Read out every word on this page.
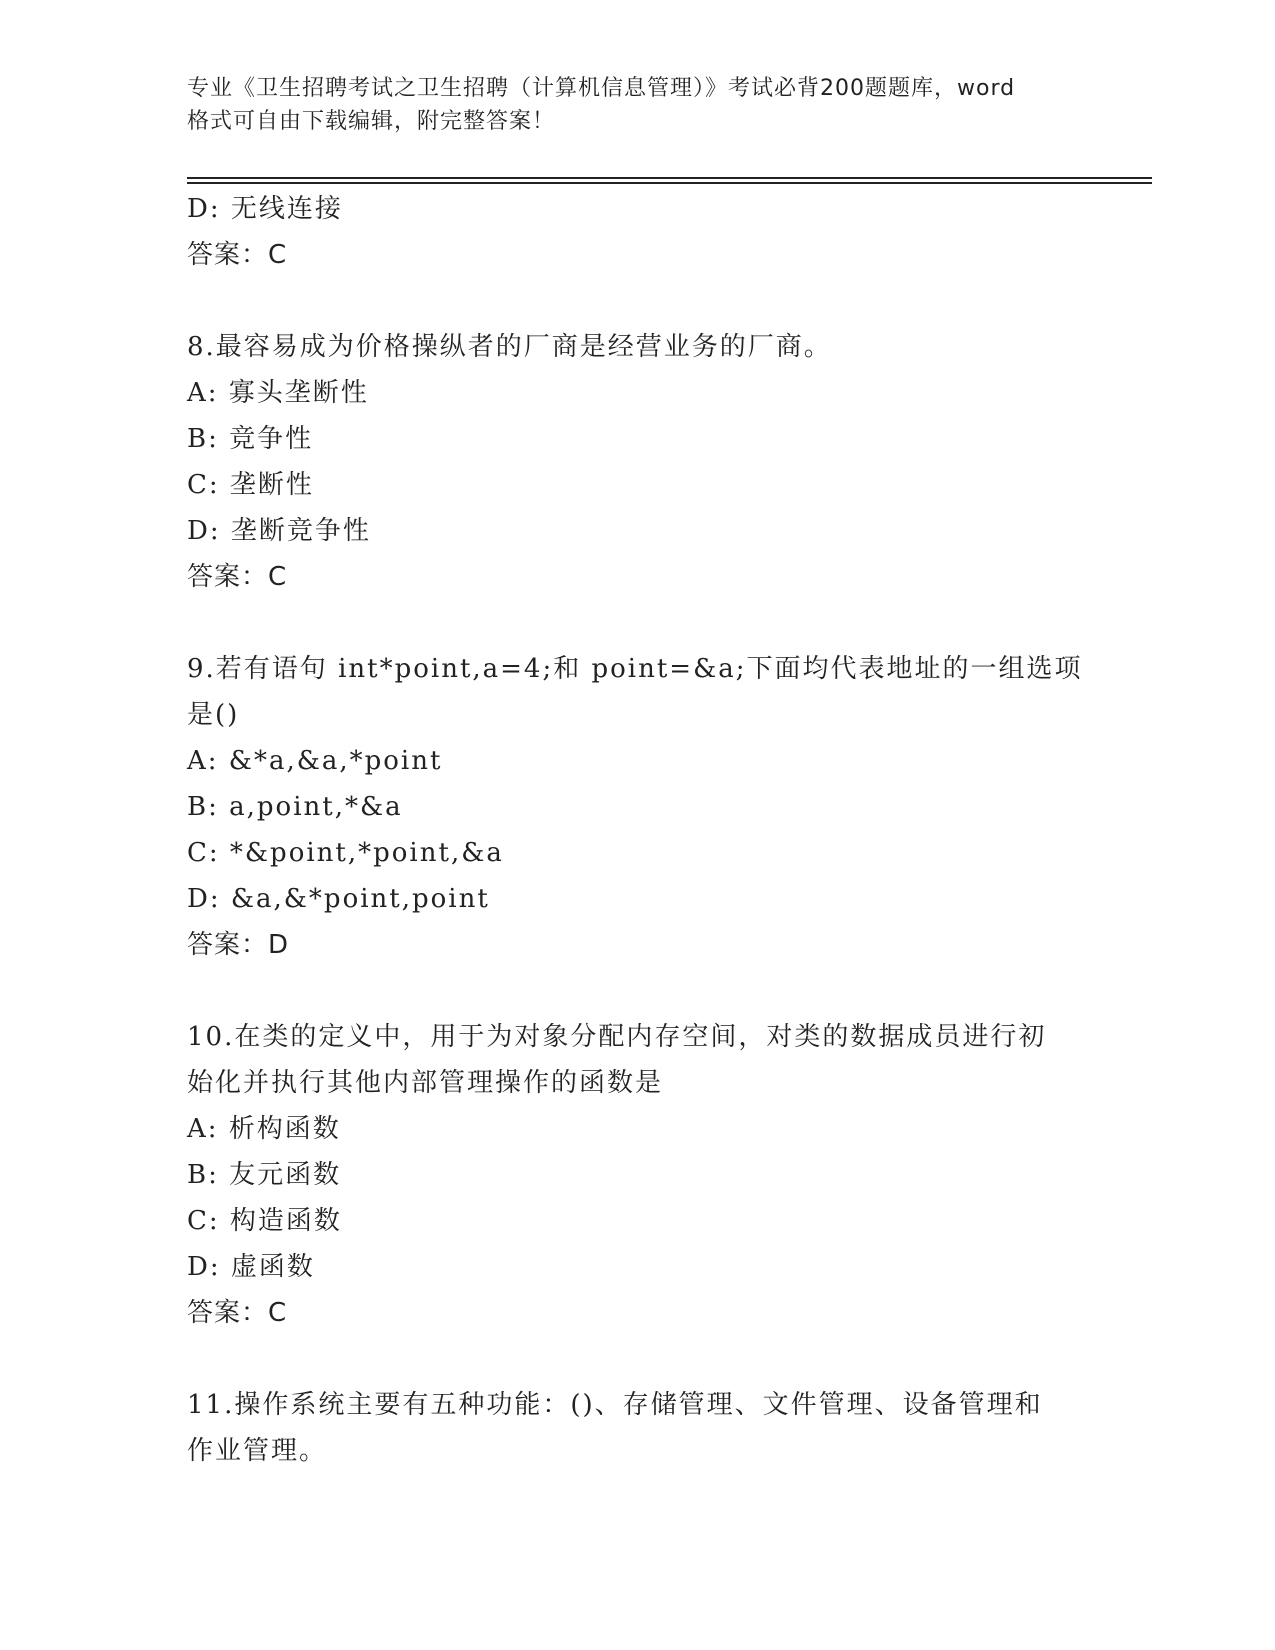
专业《卫生招聘考试之卫生招聘（计算机信息管理）》考试必背200题题库，word
格式可自由下载编辑，附完整答案！
D: 无线连接
答案：C
8.最容易成为价格操纵者的厂商是经营业务的厂商。
A: 寡头垄断性
B: 竞争性
C: 垄断性
D: 垄断竞争性
答案：C
9.若有语句 int*point,a=4;和 point=&a;下面均代表地址的一组选项
是()
A: &*a,&a,*point
B: a,point,*&a
C: *&point,*point,&a
D: &a,&*point,point
答案：D
10.在类的定义中，用于为对象分配内存空间，对类的数据成员进行初
始化并执行其他内部管理操作的函数是
A: 析构函数
B: 友元函数
C: 构造函数
D: 虚函数
答案：C
11.操作系统主要有五种功能：()、存储管理、文件管理、设备管理和
作业管理。
